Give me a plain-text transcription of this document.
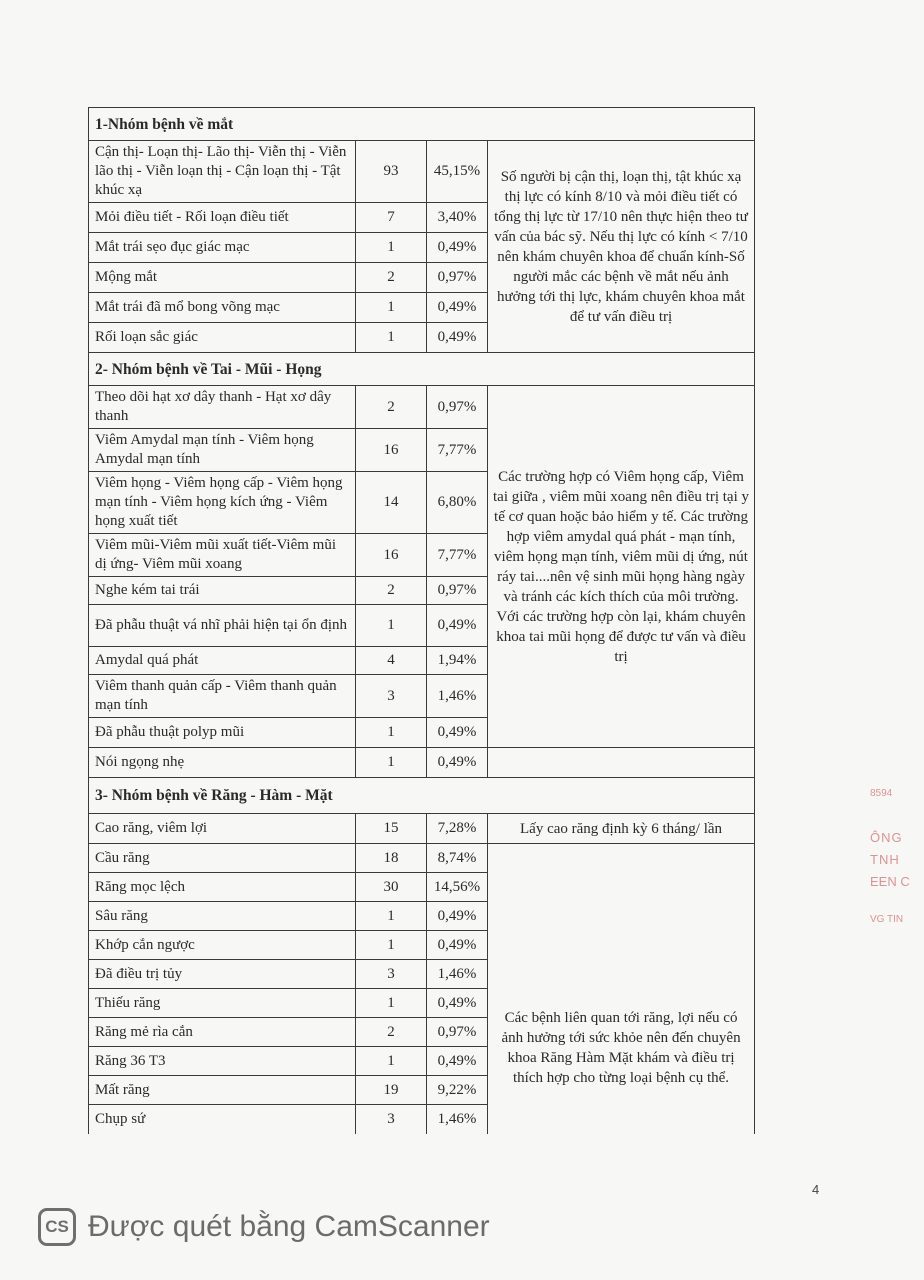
1-Nhóm bệnh về mắt			
Cận thị- Loạn thị- Lão thị- Viễn thị - Viễn lão thị - Viễn loạn thị - Cận loạn thị - Tật khúc xạ	93	45,15%	Số người bị cận thị, loạn thị, tật khúc xạ thị lực có kính 8/10 và mỏi điều tiết có tổng thị lực từ 17/10 nên thực hiện theo tư vấn của bác sỹ. Nếu thị lực có kính < 7/10 nên khám chuyên khoa để chuẩn kính-Số người mắc các bệnh về mắt nếu ảnh hưởng tới thị lực, khám chuyên khoa mắt để tư vấn điều trị
Mỏi điều tiết - Rối loạn điều tiết	7	3,40%	
Mắt trái sẹo đục giác mạc	1	0,49%	
Mộng mắt	2	0,97%	
Mắt trái đã mổ bong võng mạc	1	0,49%	
Rối loạn sắc giác	1	0,49%	
2- Nhóm bệnh về Tai - Mũi - Họng			
Theo dõi hạt xơ dây thanh - Hạt xơ dây thanh	2	0,97%	Các trường hợp có Viêm họng cấp, Viêm tai giữa , viêm mũi xoang nên điều trị tại y tế cơ quan hoặc bảo hiểm y tế. Các trường hợp viêm amydal quá phát - mạn tính, viêm họng mạn tính, viêm mũi dị ứng, nút ráy tai....nên vệ sinh mũi họng hàng ngày và tránh các kích thích của môi trường. Với các trường hợp còn lại, khám chuyên khoa tai mũi họng để được tư vấn và điều trị
Viêm Amydal mạn tính - Viêm họng Amydal mạn tính	16	7,77%	
Viêm họng - Viêm họng cấp - Viêm họng mạn tính - Viêm họng kích ứng - Viêm họng xuất tiết	14	6,80%	
Viêm mũi-Viêm mũi xuất tiết-Viêm mũi dị ứng- Viêm mũi xoang	16	7,77%	
Nghe kém tai trái	2	0,97%	
Đã phẫu thuật vá nhĩ phải hiện tại ổn định	1	0,49%	
Amydal quá phát	4	1,94%	
Viêm thanh quản cấp - Viêm thanh quản mạn tính	3	1,46%	
Đã phẫu thuật polyp mũi	1	0,49%	
Nói ngọng nhẹ	1	0,49%	
3- Nhóm bệnh về Răng - Hàm - Mặt			
Cao răng, viêm lợi	15	7,28%	Lấy cao răng định kỳ 6 tháng/ lần
Cầu răng	18	8,74%	Các bệnh liên quan tới răng, lợi nếu có ảnh hưởng tới sức khỏe nên đến chuyên khoa Răng Hàm Mặt khám và điều trị thích hợp cho từng loại bệnh cụ thể.

Răng mọc lệch	30	14,56%	
Sâu răng	1	0,49%	
Khớp cắn ngược	1	0,49%	
Đã điều trị tủy	3	1,46%	
Thiếu răng	1	0,49%	
Răng mẻ rìa cắn	2	0,97%	
Răng 36 T3	1	0,49%	
Mất răng	19	9,22%	
Chụp sứ	3	1,46%	
8594
ÔNG
TNH
EEN C
VG TIN
4
CS Được quét bằng CamScanner
